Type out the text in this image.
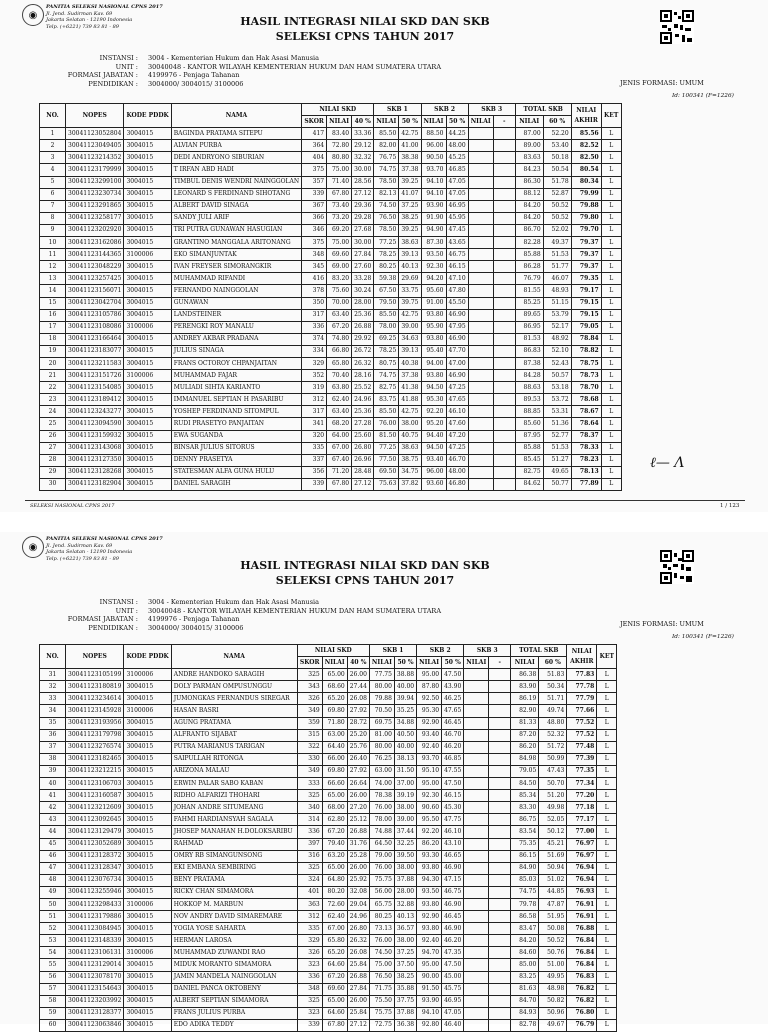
◉
PANITIA SELEKSI NASIONAL CPNS 2017
Jl. Jend. Sudirman Kav. 69
Jakarta Selatan - 12190 Indonesia
Telp. (+6221) 739 83 81 - 89	HASIL INTEGRASI NILAI SKD DAN SKB
SELEKSI CPNS TAHUN 2017
INSTANSI :	3004 - Kementerian Hukum dan Hak Asasi Manusia
UNIT :	30040048 - KANTOR WILAYAH KEMENTERIAN HUKUM DAN HAM SUMATERA UTARA
FORMASI JABATAN :	4199976 - Penjaga Tahanan
PENDIDIKAN :	3004000/ 3004015/ 3100006	JENIS FORMASI: UMUM
Id: 100341 (F=1226)
NO.	NOPES	KODE PDDK	NAMA	NILAI SKD			SKB 1		SKB 2		SKB 3		TOTAL SKB		NILAI AKHIR	KET
				SKOR	NILAI	40 %	NILAI	50 %	NILAI	50 %	NILAI	-	NILAI	60 %		
1	30041123052804	3004015	BAGINDA PRATAMA SITEPU	417	83.40	33.36	85.50	42.75	88.50	44.25			87.00	52.20	85.56	L
2	30041123049405	3004015	ALVIAN PURBA	364	72.80	29.12	82.00	41.00	96.00	48.00			89.00	53.40	82.52	L
3	30041123214352	3004015	DEDI ANDRYONO SIBURIAN	404	80.80	32.32	76.75	38.38	90.50	45.25			83.63	50.18	82.50	L
4	30041123179999	3004015	T IRFAN ABD HADI	375	75.00	30.00	74.75	37.38	93.70	46.85			84.23	50.54	80.54	L
5	30041123299100	3004015	TIMBUL DENIS WENDRI NAINGGOLAN	357	71.40	28.56	78.50	39.25	94.10	47.05			86.30	51.78	80.34	L
6	30041123230734	3004015	LEONARD S FERDINAND SIHOTANG	339	67.80	27.12	82.13	41.07	94.10	47.05			88.12	52.87	79.99	L
7	30041123291865	3004015	ALBERT DAVID SINAGA	367	73.40	29.36	74.50	37.25	93.90	46.95			84.20	50.52	79.88	L
8	30041123258177	3004015	SANDY JULI ARIF	366	73.20	29.28	76.50	38.25	91.90	45.95			84.20	50.52	79.80	L
9	30041123202920	3004015	TRI PUTRA GUNAWAN HASUGIAN	346	69.20	27.68	78.50	39.25	94.90	47.45			86.70	52.02	79.70	L
10	30041123162086	3004015	GRANTINO MANGGALA ARITONANG	375	75.00	30.00	77.25	38.63	87.30	43.65			82.28	49.37	79.37	L
11	30041123144365	3100006	EKO SIMANJUNTAK	348	69.60	27.84	78.25	39.13	93.50	46.75			85.88	51.53	79.37	L
12	30041123048229	3004015	IVAN FREYSER SIMORANGKIR	345	69.00	27.60	80.25	40.13	92.30	46.15			86.28	51.77	79.37	L
13	30041123257425	3004015	MUHAMMAD RIFANDI	416	83.20	33.28	59.38	29.69	94.20	47.10			76.79	46.07	79.35	L
14	30041123156071	3004015	FERNANDO NAINGGOLAN	378	75.60	30.24	67.50	33.75	95.60	47.80			81.55	48.93	79.17	L
15	30041123042704	3004015	GUNAWAN	350	70.00	28.00	79.50	39.75	91.00	45.50			85.25	51.15	79.15	L
16	30041123105786	3004015	LANDSTEINER	317	63.40	25.36	85.50	42.75	93.80	46.90			89.65	53.79	79.15	L
17	30041123108086	3100006	PERENGKI ROY MANALU	336	67.20	26.88	78.00	39.00	95.90	47.95			86.95	52.17	79.05	L
18	30041123166464	3004015	ANDREY AKBAR PRADANA	374	74.80	29.92	69.25	34.63	93.80	46.90			81.53	48.92	78.84	L
19	30041123183077	3004015	JULIUS SINAGA	334	66.80	26.72	78.25	39.13	95.40	47.70			86.83	52.10	78.82	L
20	30041123211583	3004015	FRANS OCTOROY CHPANJAITAN	329	65.80	26.32	80.75	40.38	94.00	47.00			87.38	52.43	78.75	L
21	30041123151726	3100006	MUHAMMAD FAJAR	352	70.40	28.16	74.75	37.38	93.80	46.90			84.28	50.57	78.73	L
22	30041123154085	3004015	MULIADI SIHTA KARIANTO	319	63.80	25.52	82.75	41.38	94.50	47.25			88.63	53.18	78.70	L
23	30041123189412	3004015	IMMANUEL SEPTIAN H PASARIBU	312	62.40	24.96	83.75	41.88	95.30	47.65			89.53	53.72	78.68	L
24	30041123243277	3004015	YOSHEP FERDINAND SITOMPUL	317	63.40	25.36	85.50	42.75	92.20	46.10			88.85	53.31	78.67	L
25	30041123094590	3004015	RUDI PRASETYO PANJAITAN	341	68.20	27.28	76.00	38.00	95.20	47.60			85.60	51.36	78.64	L
26	30041123159932	3004015	EWA SUGANDA	320	64.00	25.60	81.50	40.75	94.40	47.20			87.95	52.77	78.37	L
27	30041123143068	3004015	BINSAR JULIUS SITORUS	335	67.00	26.80	77.25	38.63	94.50	47.25			85.88	51.53	78.33	L
28	30041123127350	3004015	DENNY PRASETYA	337	67.40	26.96	77.50	38.75	93.40	46.70			85.45	51.27	78.23	L
29	30041123128268	3004015	STATESMAN ALFA GUNA HULU	356	71.20	28.48	69.50	34.75	96.00	48.00			82.75	49.65	78.13	L
30	30041123182904	3004015	DANIEL SARAGIH	339	67.80	27.12	75.63	37.82	93.60	46.80			84.62	50.77	77.89	L
ℓ— Λ
SELEKSI NASIONAL CPNS 2017	1 / 123
◉
PANITIA SELEKSI NASIONAL CPNS 2017
Jl. Jend. Sudirman Kav. 69
Jakarta Selatan - 12190 Indonesia
Telp. (+6221) 739 83 81 - 89
HASIL INTEGRASI NILAI SKD DAN SKB
SELEKSI CPNS TAHUN 2017
INSTANSI :	3004 - Kementerian Hukum dan Hak Asasi Manusia
UNIT :	30040048 - KANTOR WILAYAH KEMENTERIAN HUKUM DAN HAM SUMATERA UTARA
FORMASI JABATAN :	4199976 - Penjaga Tahanan
PENDIDIKAN :	3004000/ 3004015/ 3100006	JENIS FORMASI: UMUM
Id: 100341 (F=1226)
NO.	NOPES	KODE PDDK	NAMA	NILAI SKD			SKB 1		SKB 2		SKB 3		TOTAL SKB		NILAI AKHIR	KET
				SKOR	NILAI	40 %	NILAI	50 %	NILAI	50 %	NILAI	-	NILAI	60 %		
31	30041123105199	3100006	ANDRE HANDOKO SARAGIH	325	65.00	26.00	77.75	38.88	95.00	47.50			86.38	51.83	77.83	L
32	30041123180819	3004015	DOLY PARMAN OMPUSUNGGU	343	68.60	27.44	80.00	40.00	87.80	43.90			83.90	50.34	77.78	L
33	30041123234614	3004015	JUMONGKAS FERNANDUS SIREGAR	326	65.20	26.08	79.88	39.94	92.50	46.25			86.19	51.71	77.79	L
34	30041123145928	3100006	HASAN BASRI	349	69.80	27.92	70.50	35.25	95.30	47.65			82.90	49.74	77.66	L
35	30041123193956	3004015	AGUNG PRATAMA	359	71.80	28.72	69.75	34.88	92.90	46.45			81.33	48.80	77.52	L
36	30041123179798	3004015	ALFRANTO SIJABAT	315	63.00	25.20	81.00	40.50	93.40	46.70			87.20	52.32	77.52	L
37	30041123276574	3004015	PUTRA MARIANUS TARIGAN	322	64.40	25.76	80.00	40.00	92.40	46.20			86.20	51.72	77.48	L
38	30041123182465	3004015	SAIPULLAH RITONGA	330	66.00	26.40	76.25	38.13	93.70	46.85			84.98	50.99	77.39	L
39	30041123212215	3004015	ARIZONA MALAU	349	69.80	27.92	63.00	31.50	95.10	47.55			79.05	47.43	77.35	L
40	30041123106703	3004015	ERWIN PALAR SABO KABAN	333	66.60	26.64	74.00	37.00	95.00	47.50			84.50	50.70	77.34	L
41	30041123160587	3004015	RIDHO ALFARIZI THOHARI	325	65.00	26.00	78.38	39.19	92.30	46.15			85.34	51.20	77.20	L
42	30041123212609	3004015	JOHAN ANDRE SITUMEANG	340	68.00	27.20	76.00	38.00	90.60	45.30			83.30	49.98	77.18	L
43	30041123092645	3004015	FAHMI HARDIANSYAH SAGALA	314	62.80	25.12	78.00	39.00	95.50	47.75			86.75	52.05	77.17	L
44	30041123129479	3004015	JHOSEP MANAHAN H.DOLOKSARIBU	336	67.20	26.88	74.88	37.44	92.20	46.10			83.54	50.12	77.00	L
45	30041123052689	3004015	RAHMAD	397	79.40	31.76	64.50	32.25	86.20	43.10			75.35	45.21	76.97	L
46	30041123128372	3004015	OMRY RB SIMANGUNSONG	316	63.20	25.28	79.00	39.50	93.30	46.65			86.15	51.69	76.97	L
47	30041123128347	3004015	EKI EMBANA SEMBIRING	325	65.00	26.00	76.00	38.00	93.80	46.90			84.90	50.94	76.94	L
48	30041123076734	3004015	BENY PRATAMA	324	64.80	25.92	75.75	37.88	94.30	47.15			85.03	51.02	76.94	L
49	30041123255946	3004015	RICKY CHAN SIMAMORA	401	80.20	32.08	56.00	28.00	93.50	46.75			74.75	44.85	76.93	L
50	30041123298433	3100006	HOKKOP M. MARBUN	363	72.60	29.04	65.75	32.88	93.80	46.90			79.78	47.87	76.91	L
51	30041123179886	3004015	NOV ANDRY DAVID SIMAREMARE	312	62.40	24.96	80.25	40.13	92.90	46.45			86.58	51.95	76.91	L
52	30041123084945	3004015	YOGIA YOSE SAHARTA	335	67.00	26.80	73.13	36.57	93.80	46.90			83.47	50.08	76.88	L
53	30041123148339	3004015	HERMAN LAROSA	329	65.80	26.32	76.00	38.00	92.40	46.20			84.20	50.52	76.84	L
54	30041123106131	3100006	MUHAMMAD ZUWANDI RAO	326	65.20	26.08	74.50	37.25	94.70	47.35			84.60	50.76	76.84	L
55	30041123129014	3004015	MIDUK MORANTO SIMAMORA	323	64.60	25.84	75.00	37.50	95.00	47.50			85.00	51.00	76.84	L
56	30041123078170	3004015	JAMIN MANDELA NAINGGOLAN	336	67.20	26.88	76.50	38.25	90.00	45.00			83.25	49.95	76.83	L
57	30041123154643	3004015	DANIEL PANCA OKTOBENY	348	69.60	27.84	71.75	35.88	91.50	45.75			81.63	48.98	76.82	L
58	30041123203992	3004015	ALBERT SEPTIAN SIMAMORA	325	65.00	26.00	75.50	37.75	93.90	46.95			84.70	50.82	76.82	L
59	30041123128377	3004015	FRANS JULIUS PURBA	323	64.60	25.84	75.75	37.88	94.10	47.05			84.93	50.96	76.80	L
60	30041123063846	3004015	EDO ADIKA TEDDY	339	67.80	27.12	72.75	36.38	92.80	46.40			82.78	49.67	76.79	L
